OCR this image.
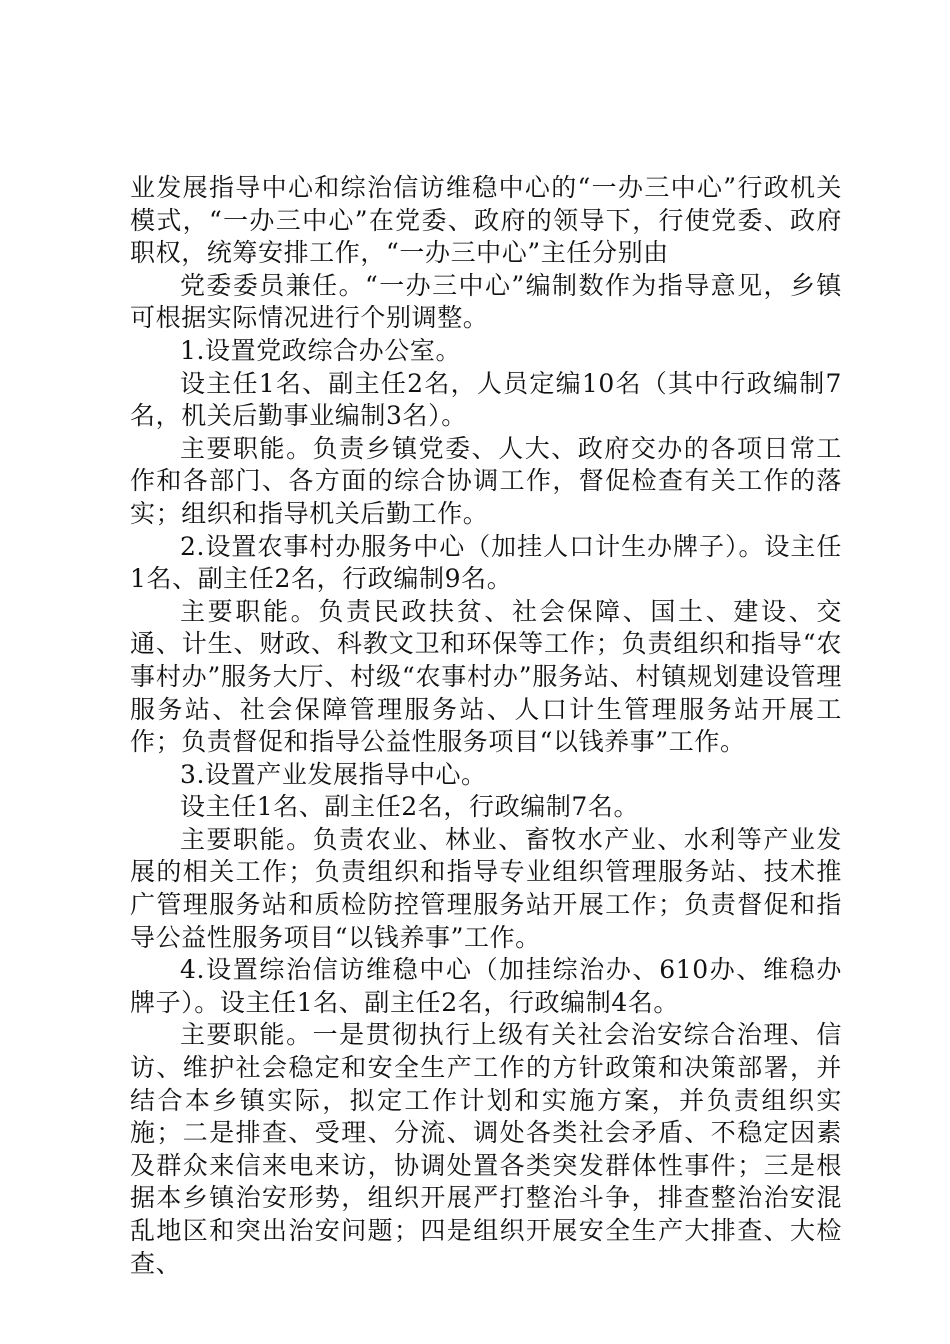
业发展指导中心和综治信访维稳中心的“一办三中心”行政机关模式，“一办三中心”在党委、政府的领导下，行使党委、政府职权，统筹安排工作，“一办三中心”主任分别由

党委委员兼任。“一办三中心”编制数作为指导意见，乡镇可根据实际情况进行个别调整。

1.设置党政综合办公室。

设主任1名、副主任2名，人员定编10名（其中行政编制7名，机关后勤事业编制3名）。

主要职能。负责乡镇党委、人大、政府交办的各项日常工作和各部门、各方面的综合协调工作，督促检查有关工作的落实；组织和指导机关后勤工作。

2.设置农事村办服务中心（加挂人口计生办牌子）。设主任1名、副主任2名，行政编制9名。

主要职能。负责民政扶贫、社会保障、国土、建设、交通、计生、财政、科教文卫和环保等工作；负责组织和指导“农事村办”服务大厅、村级“农事村办”服务站、村镇规划建设管理服务站、社会保障管理服务站、人口计生管理服务站开展工作；负责督促和指导公益性服务项目“以钱养事”工作。

3.设置产业发展指导中心。

设主任1名、副主任2名，行政编制7名。

主要职能。负责农业、林业、畜牧水产业、水利等产业发展的相关工作；负责组织和指导专业组织管理服务站、技术推广管理服务站和质检防控管理服务站开展工作；负责督促和指导公益性服务项目“以钱养事”工作。

4.设置综治信访维稳中心（加挂综治办、610办、维稳办牌子）。设主任1名、副主任2名，行政编制4名。

主要职能。一是贯彻执行上级有关社会治安综合治理、信访、维护社会稳定和安全生产工作的方针政策和决策部署，并结合本乡镇实际，拟定工作计划和实施方案，并负责组织实施；二是排查、受理、分流、调处各类社会矛盾、不稳定因素及群众来信来电来访，协调处置各类突发群体性事件；三是根据本乡镇治安形势，组织开展严打整治斗争，排查整治治安混乱地区和突出治安问题；四是组织开展安全生产大排查、大检查、
